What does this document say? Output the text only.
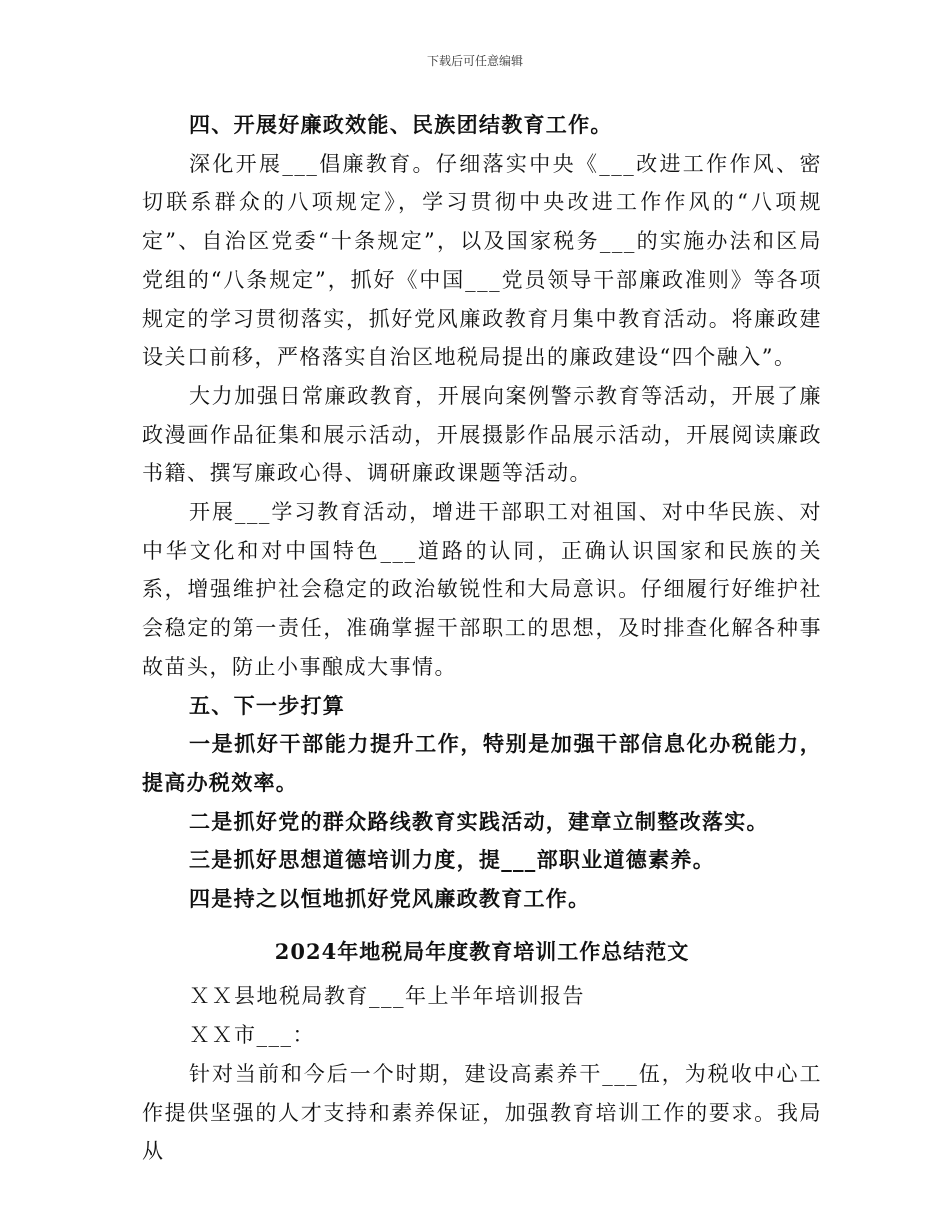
下载后可任意编辑

四、开展好廉政效能、民族团结教育工作。

深化开展___倡廉教育。仔细落实中央《___改进工作作风、密切联系群众的八项规定》，学习贯彻中央改进工作作风的“八项规定”、自治区党委“十条规定”，以及国家税务___的实施办法和区局党组的“八条规定”，抓好《中国___党员领导干部廉政准则》等各项规定的学习贯彻落实，抓好党风廉政教育月集中教育活动。将廉政建设关口前移，严格落实自治区地税局提出的廉政建设“四个融入”。

大力加强日常廉政教育，开展向案例警示教育等活动，开展了廉政漫画作品征集和展示活动，开展摄影作品展示活动，开展阅读廉政书籍、撰写廉政心得、调研廉政课题等活动。

开展___学习教育活动，增进干部职工对祖国、对中华民族、对中华文化和对中国特色___道路的认同，正确认识国家和民族的关系，增强维护社会稳定的政治敏锐性和大局意识。仔细履行好维护社会稳定的第一责任，准确掌握干部职工的思想，及时排查化解各种事故苗头，防止小事酿成大事情。

五、下一步打算

一是抓好干部能力提升工作，特别是加强干部信息化办税能力，提高办税效率。

二是抓好党的群众路线教育实践活动，建章立制整改落实。

三是抓好思想道德培训力度，提___部职业道德素养。

四是持之以恒地抓好党风廉政教育工作。

2024年地税局年度教育培训工作总结范文

ＸＸ县地税局教育___年上半年培训报告

ＸＸ市___：

针对当前和今后一个时期，建设高素养干___伍，为税收中心工作提供坚强的人才支持和素养保证，加强教育培训工作的要求。我局从
